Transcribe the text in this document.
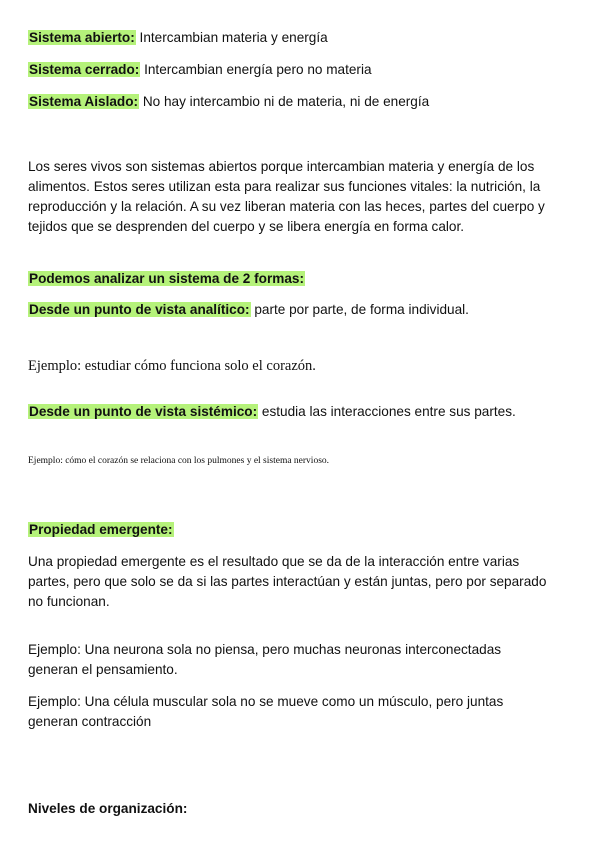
Sistema abierto: Intercambian materia y energía

Sistema cerrado: Intercambian energía pero no materia

Sistema Aislado: No hay intercambio ni de materia, ni de energía

Los seres vivos son sistemas abiertos porque intercambian materia y energía de los

alimentos. Estos seres utilizan esta para realizar sus funciones vitales: la nutrición, la

reproducción y la relación. A su vez liberan materia con las heces, partes del cuerpo y

tejidos que se desprenden del cuerpo y se libera energía en forma calor.

Podemos analizar un sistema de 2 formas:

Desde un punto de vista analítico: parte por parte, de forma individual.

Ejemplo: estudiar cómo funciona solo el corazón.

Desde un punto de vista sistémico: estudia las interacciones entre sus partes.

Ejemplo: cómo el corazón se relaciona con los pulmones y el sistema nervioso.

Propiedad emergente:

Una propiedad emergente es el resultado que se da de la interacción entre varias

partes, pero que solo se da si las partes interactúan y están juntas, pero por separado

no funcionan.

Ejemplo: Una neurona sola no piensa, pero muchas neuronas interconectadas

generan el pensamiento.

Ejemplo: Una célula muscular sola no se mueve como un músculo, pero juntas

generan contracción

Niveles de organización:
